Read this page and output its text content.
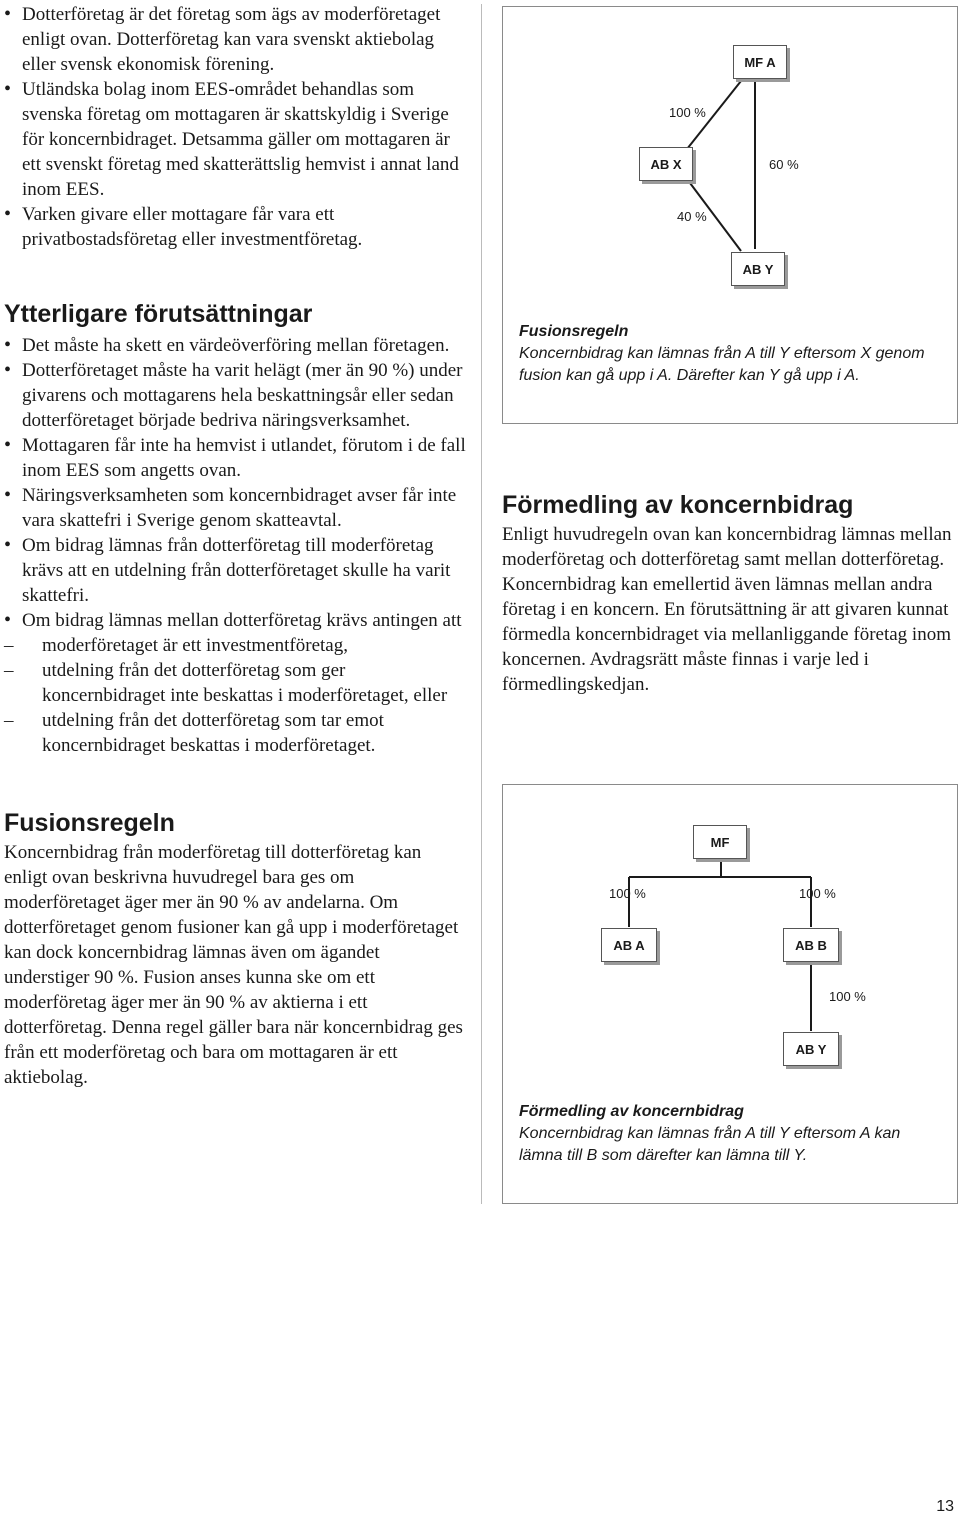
• Dotterföretag är det företag som ägs av moderföretaget enligt ovan. Dotterföretag kan vara svenskt aktiebolag eller svensk ekonomisk förening.
• Utländska bolag inom EES-området behandlas som svenska företag om mottagaren är skattskyldig i Sverige för koncernbidraget. Detsamma gäller om mottagaren är ett svenskt företag med skatterättslig hemvist i annat land inom EES.
• Varken givare eller mottagare får vara ett privatbostadsföretag eller investmentföretag.
Ytterligare förutsättningar
• Det måste ha skett en värdeöverföring mellan företagen.
• Dotterföretaget måste ha varit helägt (mer än 90 %) under givarens och mottagarens hela beskattningsår eller sedan dotterföretaget började bedriva näringsverksamhet.
• Mottagaren får inte ha hemvist i utlandet, förutom i de fall inom EES som angetts ovan.
• Näringsverksamheten som koncernbidraget avser får inte vara skattefri i Sverige genom skatteavtal.
• Om bidrag lämnas från dotterföretag till moderföretag krävs att en utdelning från dotterföretaget skulle ha varit skattefri.
• Om bidrag lämnas mellan dotterföretag krävs antingen att
– moderföretaget är ett investmentföretag,
– utdelning från det dotterföretag som ger koncernbidraget inte beskattas i moderföretaget, eller
– utdelning från det dotterföretag som tar emot koncernbidraget beskattas i moderföretaget.
Fusionsregeln

Koncernbidrag från moderföretag till dotterföretag kan enligt ovan beskrivna huvudregel bara ges om moderföretaget äger mer än 90 % av andelarna. Om dotterföretaget genom fusioner kan gå upp i moderföretaget kan dock koncernbidrag lämnas även om ägandet understiger 90 %. Fusion anses kunna ske om ett moderföretag äger mer än 90 % av aktierna i ett dotterföretag. Denna regel gäller bara när koncernbidrag ges från ett moderföretag och bara om mottagaren är ett aktiebolag.

MF A
AB X
AB Y
100 %
60 %
40 %
Fusionsregeln
Koncernbidrag kan lämnas från A till Y eftersom X genom fusion kan gå upp i A. Därefter kan Y gå upp i A.
Förmedling av koncernbidrag

Enligt huvudregeln ovan kan koncernbidrag lämnas mellan moderföretag och dotterföretag samt mellan dotterföretag. Koncernbidrag kan emellertid även lämnas mellan andra företag i en koncern. En förutsättning är att givaren kunnat förmedla koncernbidraget via mellanliggande företag inom koncernen. Avdragsrätt måste finnas i varje led i förmedlingskedjan.

MF
AB A	AB B
AB Y
100 %	100 %
100 %
Förmedling av koncernbidrag
Koncernbidrag kan lämnas från A till Y eftersom A kan lämna till B som därefter kan lämna till Y.
13
